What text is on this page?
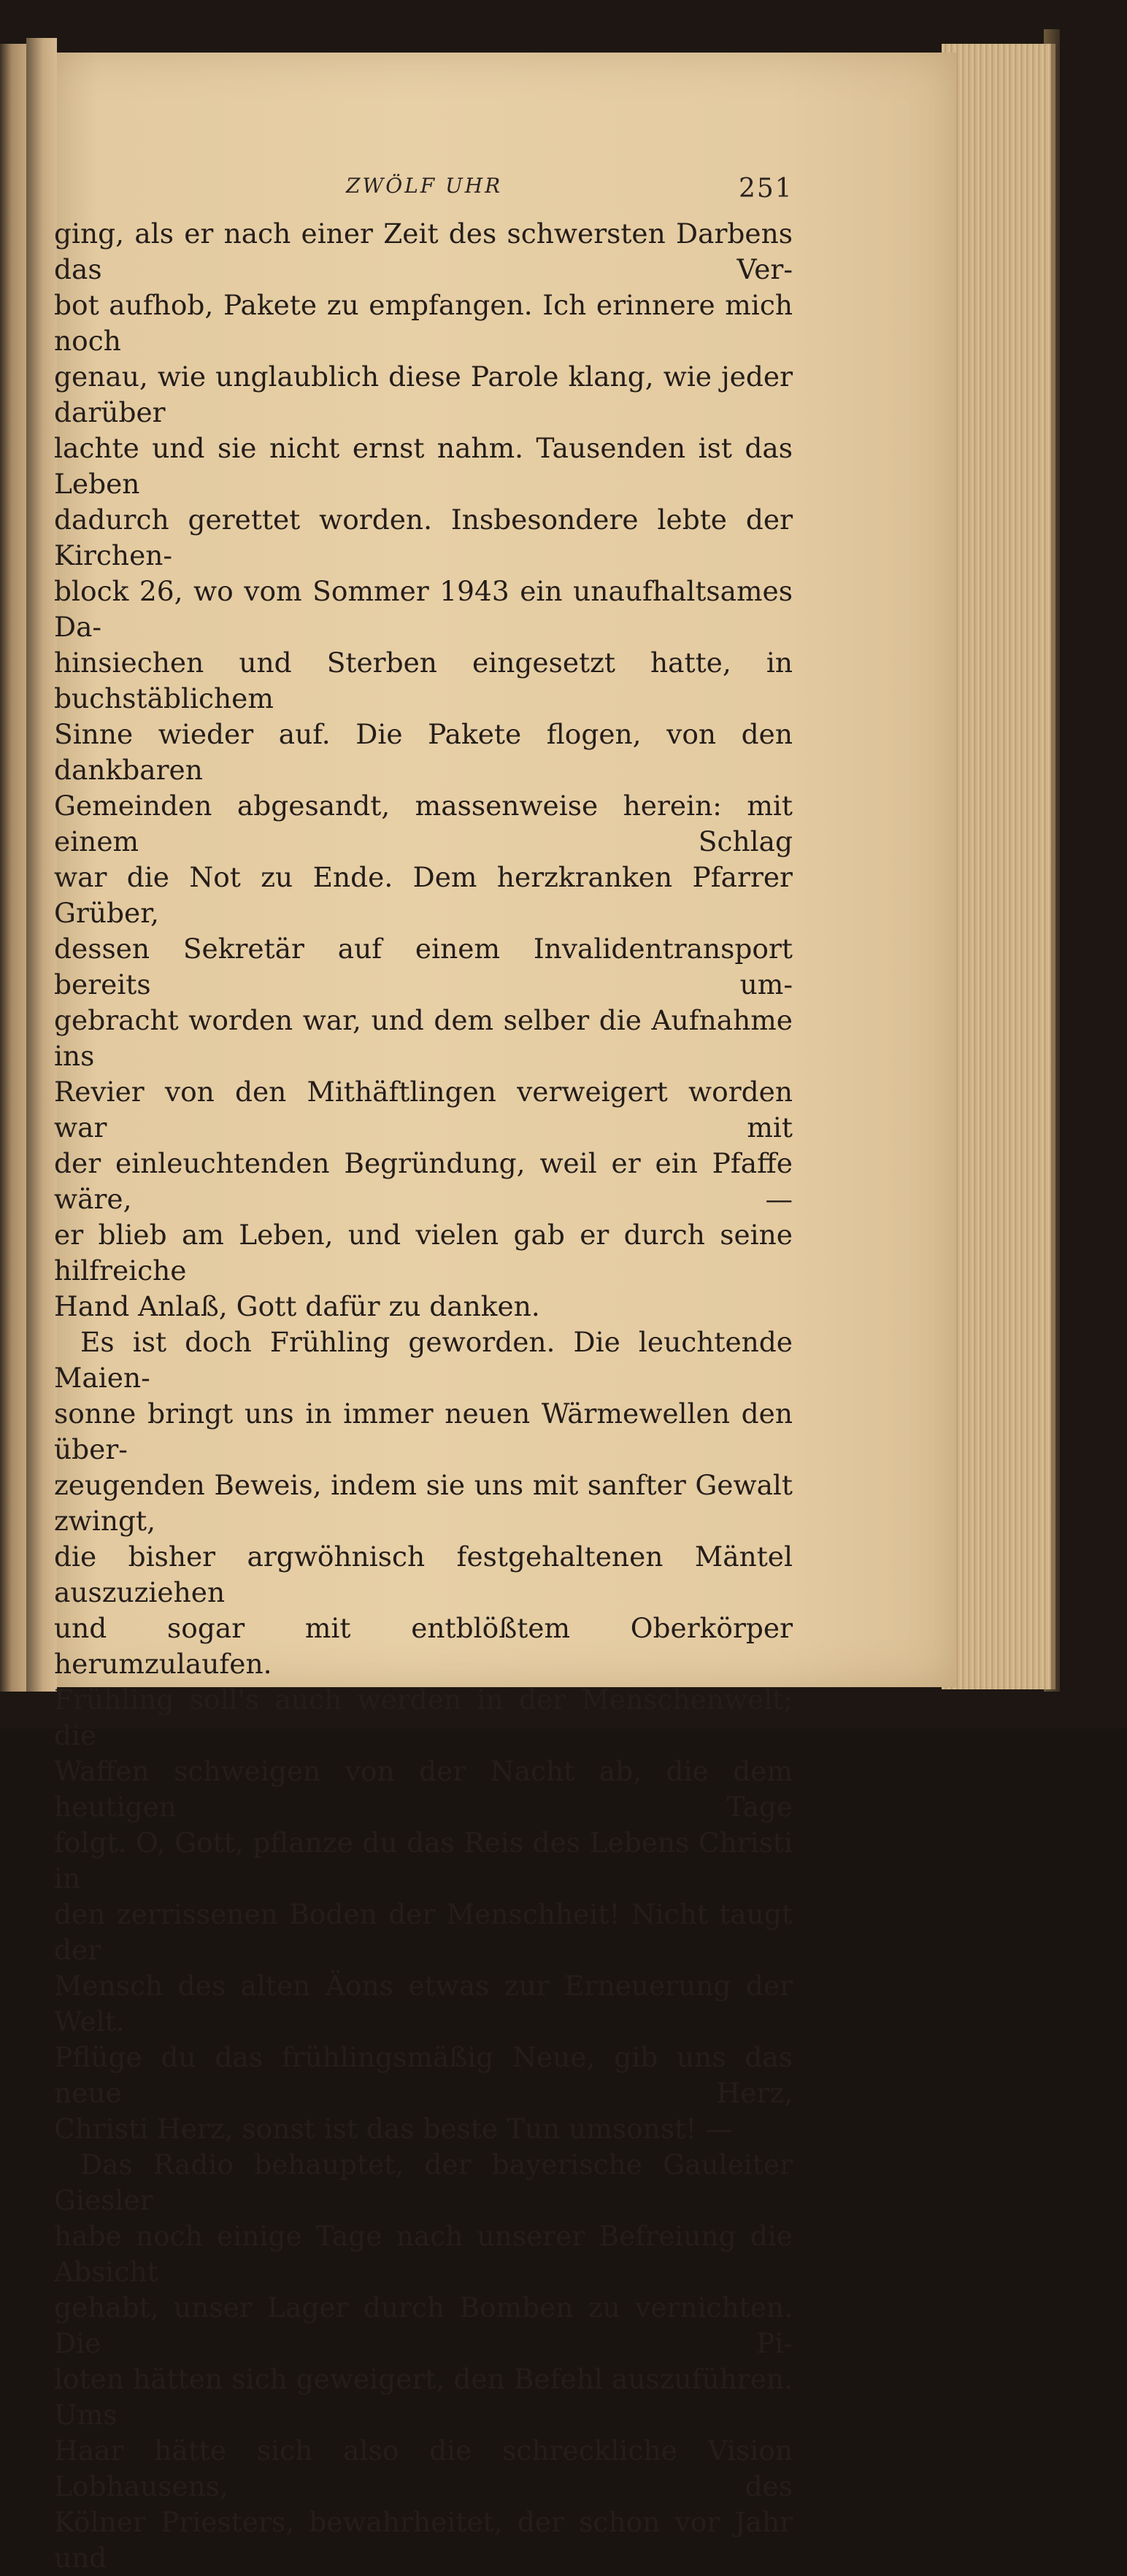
ZWÖLF UHR	251

ging, als er nach einer Zeit des schwersten Darbens das Ver-

bot aufhob, Pakete zu empfangen. Ich erinnere mich noch

genau, wie unglaublich diese Parole klang, wie jeder darüber

lachte und sie nicht ernst nahm. Tausenden ist das Leben

dadurch gerettet worden. Insbesondere lebte der Kirchen-

block 26, wo vom Sommer 1943 ein unaufhaltsames Da-

hinsiechen und Sterben eingesetzt hatte, in buchstäblichem

Sinne wieder auf. Die Pakete flogen, von den dankbaren

Gemeinden abgesandt, massenweise herein: mit einem Schlag

war die Not zu Ende. Dem herzkranken Pfarrer Grüber,

dessen Sekretär auf einem Invalidentransport bereits um-

gebracht worden war, und dem selber die Aufnahme ins

Revier von den Mithäftlingen verweigert worden war mit

der einleuchtenden Begründung, weil er ein Pfaffe wäre, —

er blieb am Leben, und vielen gab er durch seine hilfreiche

Hand Anlaß, Gott dafür zu danken.

Es ist doch Frühling geworden. Die leuchtende Maien-

sonne bringt uns in immer neuen Wärmewellen den über-

zeugenden Beweis, indem sie uns mit sanfter Gewalt zwingt,

die bisher argwöhnisch festgehaltenen Mäntel auszuziehen

und sogar mit entblößtem Oberkörper herumzulaufen.

Frühling soll's auch werden in der Menschenwelt; die

Waffen schweigen von der Nacht ab, die dem heutigen Tage

folgt. O, Gott, pflanze du das Reis des Lebens Christi in

den zerrissenen Boden der Menschheit! Nicht taugt der

Mensch des alten Äons etwas zur Erneuerung der Welt.

Pflüge du das frühlingsmäßig Neue, gib uns das neue Herz,

Christi Herz, sonst ist das beste Tun umsonst! —

Das Radio behauptet, der bayerische Gauleiter Giesler

habe noch einige Tage nach unserer Befreiung die Absicht

gehabt, unser Lager durch Bomben zu vernichten. Die Pi-

loten hätten sich geweigert, den Befehl auszuführen. Ums

Haar hätte sich also die schreckliche Vision Lobhausens, des

Kölner Priesters, bewahrheitet, der schon vor Jahr und
